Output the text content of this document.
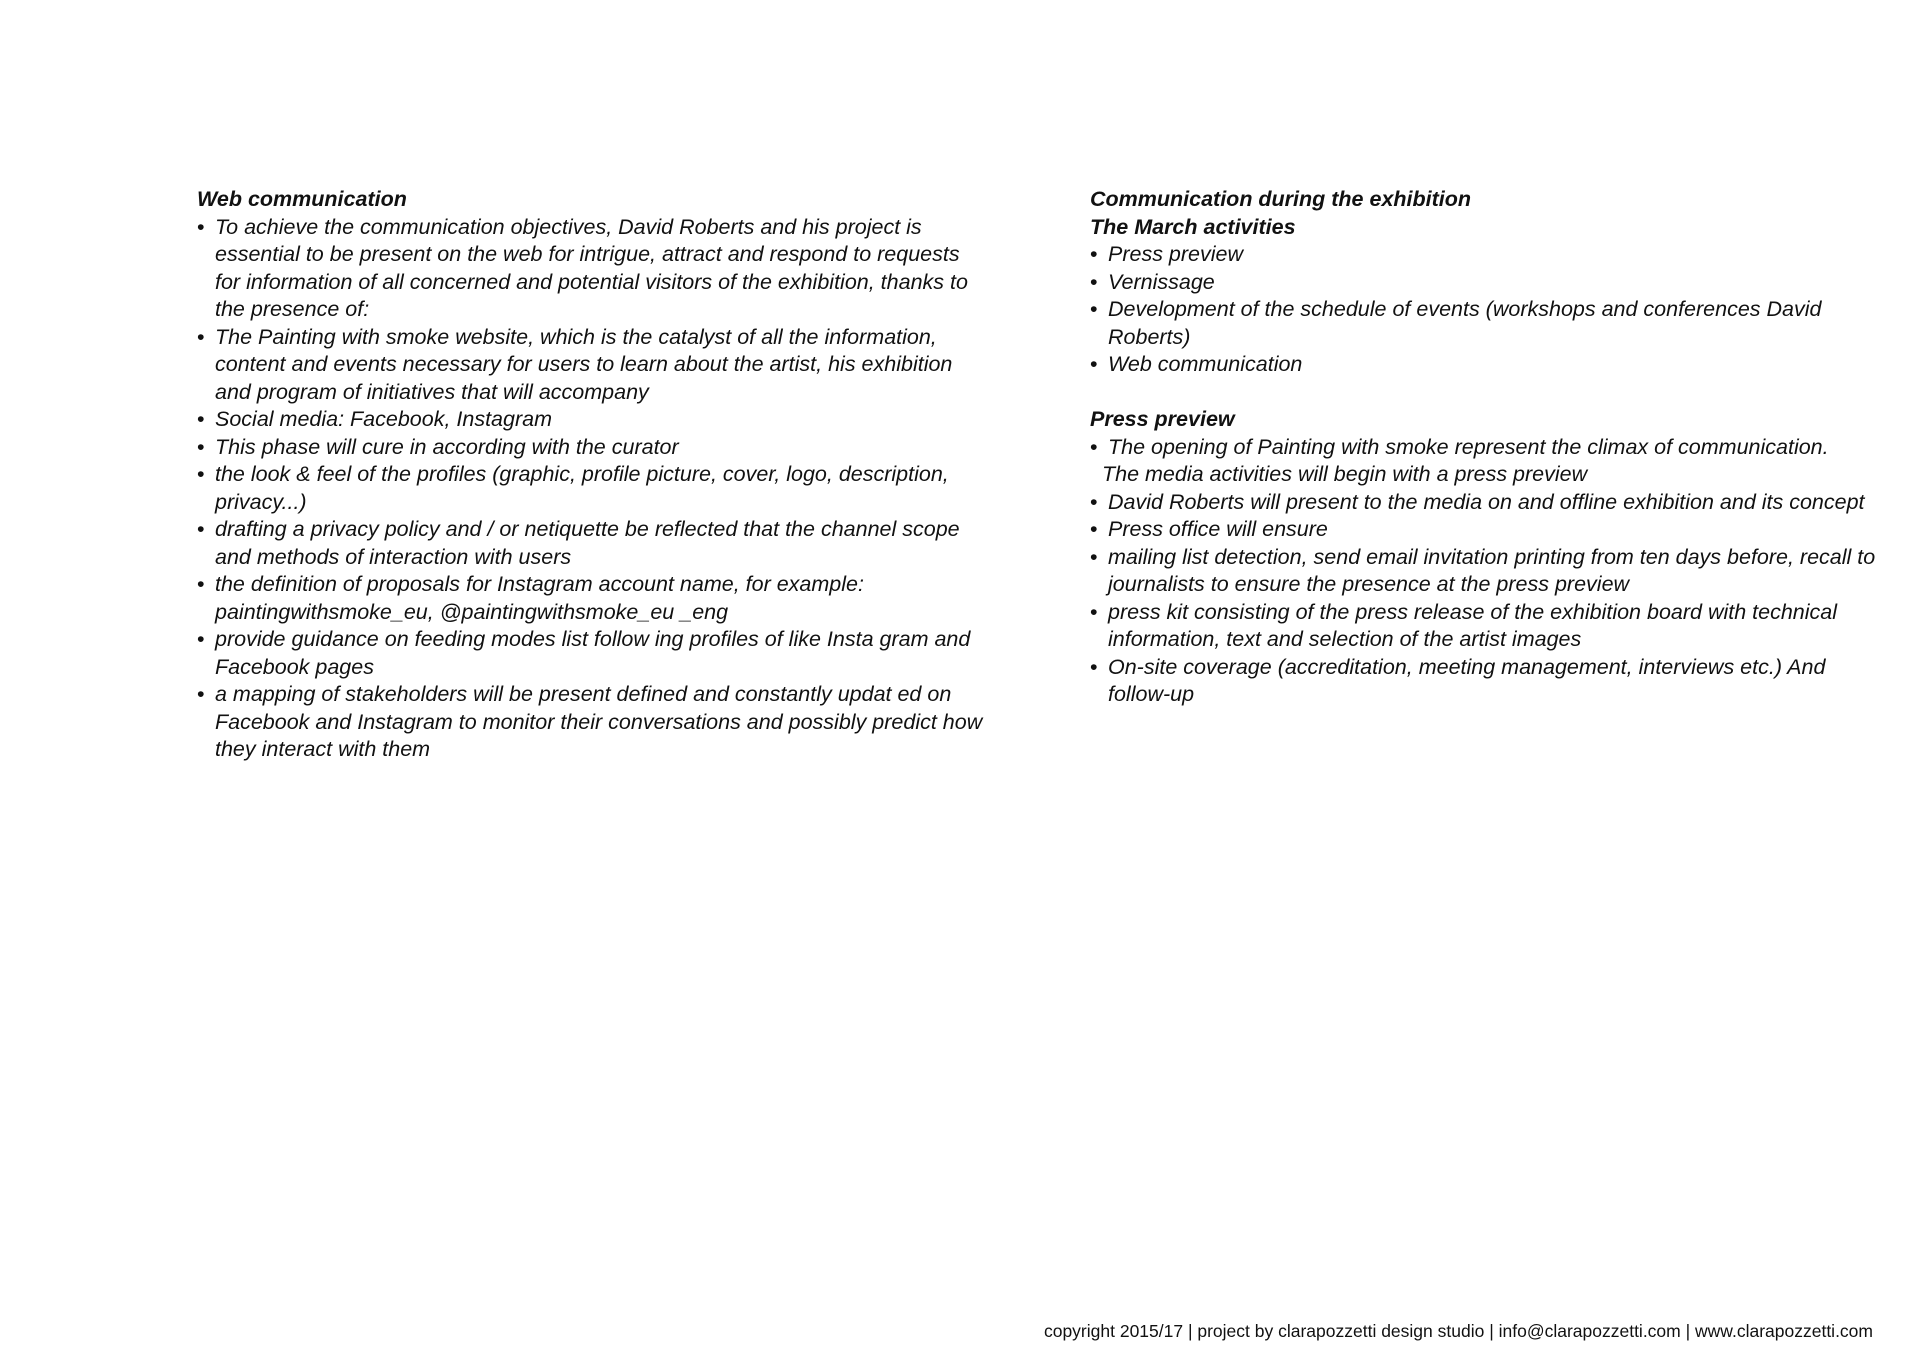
Web communication

• To achieve the communication objectives, David Roberts and his project is essential to be present on the web for intrigue, attract and respond to requests for information of all concerned and potential visitors of the exhibition, thanks to the presence of:
• The Painting with smoke website, which is the catalyst of all the information, content and events necessary for users to learn about the artist, his exhibition and program of initiatives that will accompany
• Social media: Facebook, Instagram
• This phase will cure in according with the curator
• the look & feel of the profiles (graphic, profile picture, cover, logo, description, privacy...)
• drafting a privacy policy and / or netiquette be reflected that the channel scope and methods of interaction with users
• the definition of proposals for Instagram account name, for example: paintingwithsmoke_eu, @paintingwithsmoke_eu _eng
• provide guidance on feeding modes list follow ing profiles of like Insta gram and Facebook pages
• a mapping of stakeholders will be present defined and constantly updat ed on Facebook and Instagram to monitor their conversations and possibly predict how they interact with them

Communication during the exhibition

The March activities

• Press preview
• Vernissage
• Development of the schedule of events (workshops and conferences David Roberts)
• Web communication

Press preview

• The opening of Painting with smoke represent the climax of communication.
The media activities will begin with a press preview
• David Roberts will present to the media on and offline exhibition and its concept
• Press office will ensure
• mailing list detection, send email invitation printing from ten days before, recall to journalists to ensure the presence at the press preview
• press kit consisting of the press release of the exhibition board with technical information, text and selection of the artist images
• On-site coverage (accreditation, meeting management, interviews etc.) And follow-up
copyright 2015/17 | project by clarapozzetti design studio | info@clarapozzetti.com | www.clarapozzetti.com
